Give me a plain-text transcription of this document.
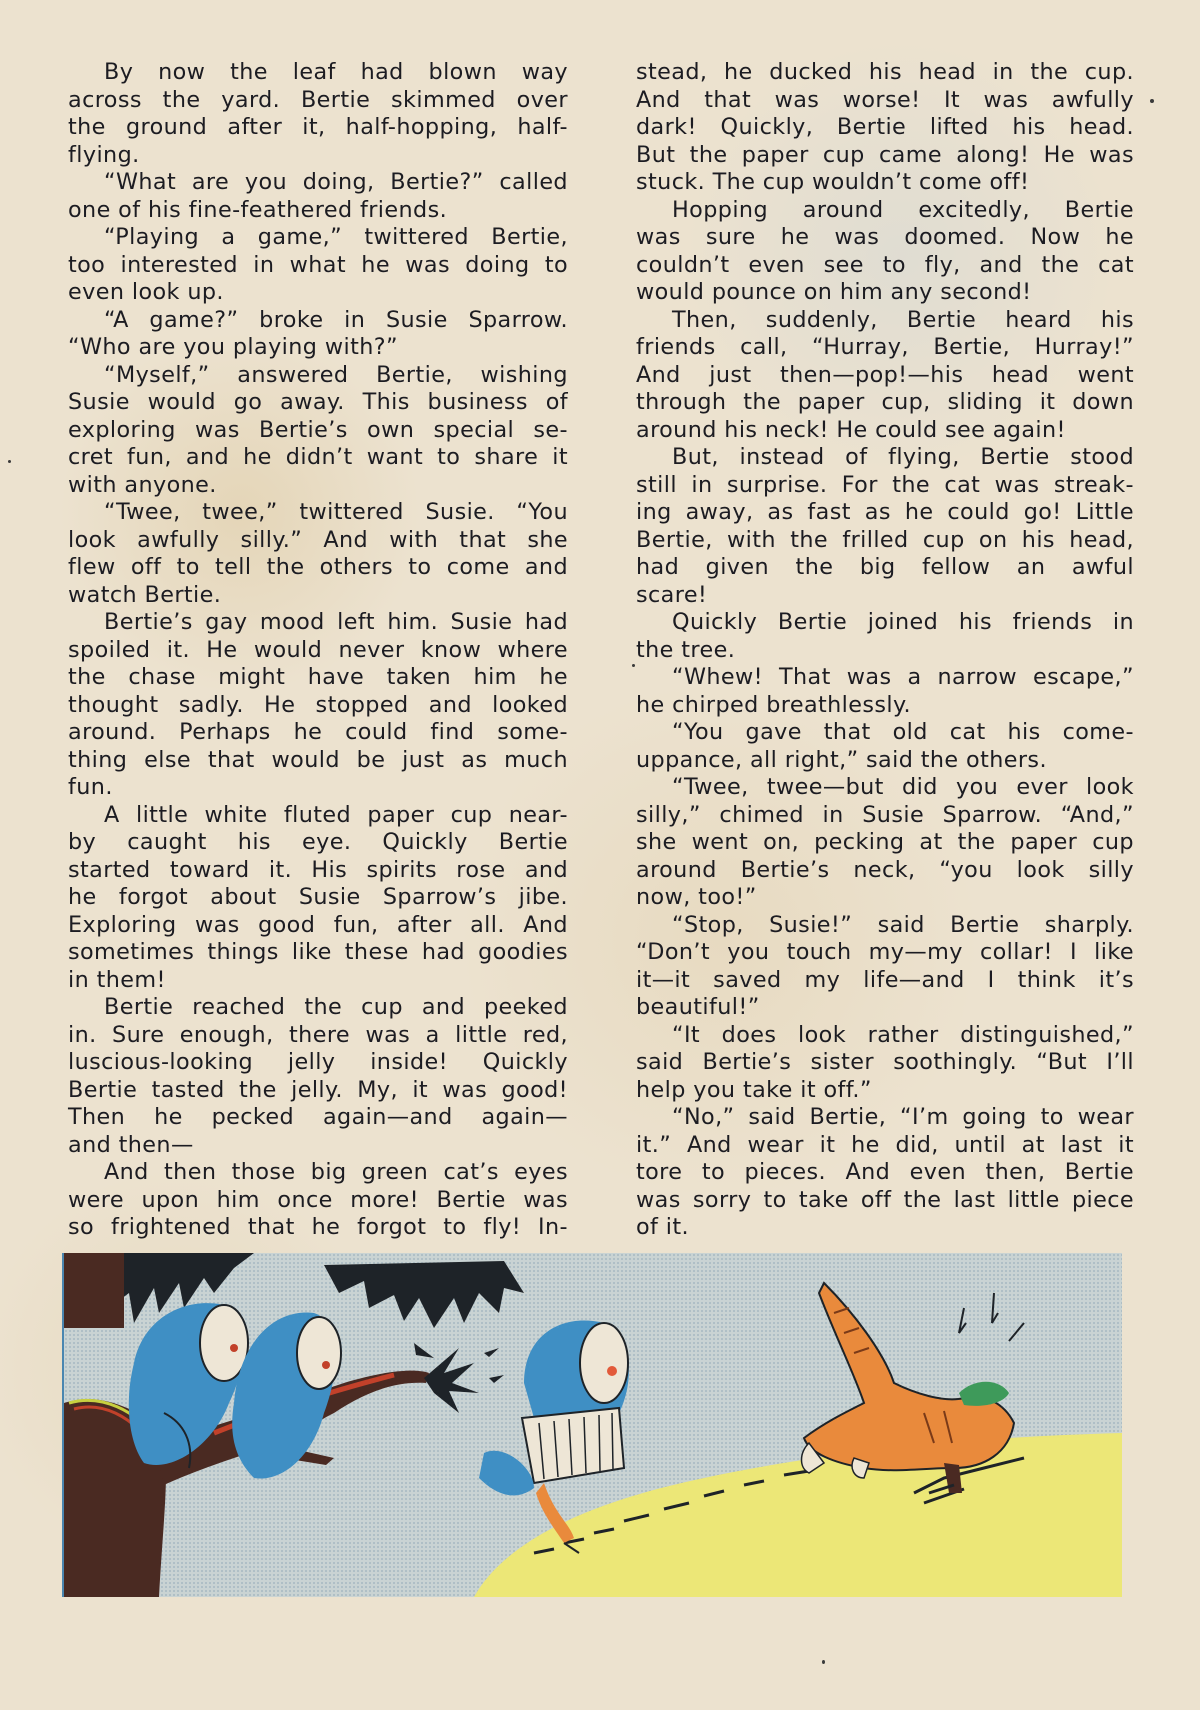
By now the leaf had blown way
across the yard. Bertie skimmed over
the ground after it, half-hopping, half-
flying.
“What are you doing, Bertie?” called
one of his fine-feathered friends.
“Playing a game,” twittered Bertie,
too interested in what he was doing to
even look up.
“A game?” broke in Susie Sparrow.
“Who are you playing with?”
“Myself,” answered Bertie, wishing
Susie would go away. This business of
exploring was Bertie’s own special se-
cret fun, and he didn’t want to share it
with anyone.
“Twee, twee,” twittered Susie. “You
look awfully silly.” And with that she
flew off to tell the others to come and
watch Bertie.
Bertie’s gay mood left him. Susie had
spoiled it. He would never know where
the chase might have taken him he
thought sadly. He stopped and looked
around. Perhaps he could find some-
thing else that would be just as much
fun.
A little white fluted paper cup near-
by caught his eye. Quickly Bertie
started toward it. His spirits rose and
he forgot about Susie Sparrow’s jibe.
Exploring was good fun, after all. And
sometimes things like these had goodies
in them!
Bertie reached the cup and peeked
in. Sure enough, there was a little red,
luscious-looking jelly inside! Quickly
Bertie tasted the jelly. My, it was good!
Then he pecked again—and again—
and then—
And then those big green cat’s eyes
were upon him once more! Bertie was
so frightened that he forgot to fly! In-
stead, he ducked his head in the cup.
And that was worse! It was awfully
dark! Quickly, Bertie lifted his head.
But the paper cup came along! He was
stuck. The cup wouldn’t come off!
Hopping around excitedly, Bertie
was sure he was doomed. Now he
couldn’t even see to fly, and the cat
would pounce on him any second!
Then, suddenly, Bertie heard his
friends call, “Hurray, Bertie, Hurray!”
And just then—pop!—his head went
through the paper cup, sliding it down
around his neck! He could see again!
But, instead of flying, Bertie stood
still in surprise. For the cat was streak-
ing away, as fast as he could go! Little
Bertie, with the frilled cup on his head,
had given the big fellow an awful
scare!
Quickly Bertie joined his friends in
the tree.
“Whew! That was a narrow escape,”
he chirped breathlessly.
“You gave that old cat his come-
uppance, all right,” said the others.
“Twee, twee—but did you ever look
silly,” chimed in Susie Sparrow. “And,”
she went on, pecking at the paper cup
around Bertie’s neck, “you look silly
now, too!”
“Stop, Susie!” said Bertie sharply.
“Don’t you touch my—my collar! I like
it—it saved my life—and I think it’s
beautiful!”
“It does look rather distinguished,”
said Bertie’s sister soothingly. “But I’ll
help you take it off.”
“No,” said Bertie, “I’m going to wear
it.” And wear it he did, until at last it
tore to pieces. And even then, Bertie
was sorry to take off the last little piece
of it.
